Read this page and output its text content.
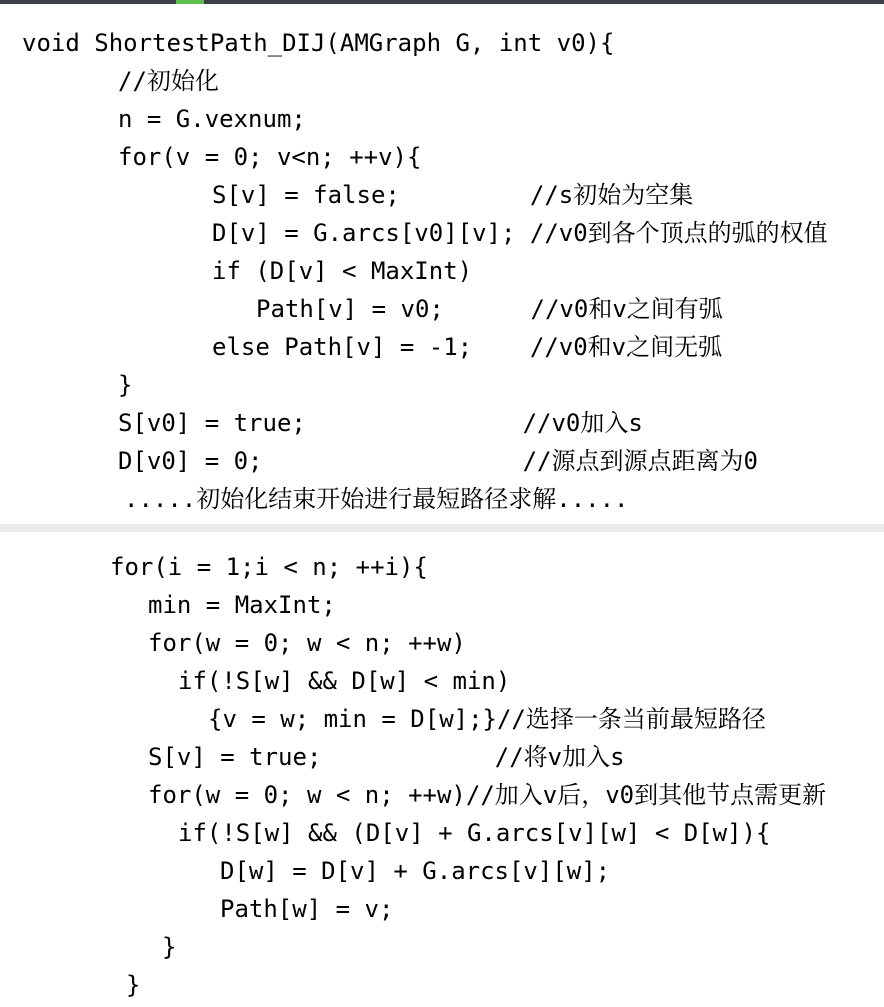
void ShortestPath_DIJ(AMGraph G, int v0){
//初始化
n = G.vexnum;
for(v = 0; v<n; ++v){
S[v] = false;         //s初始为空集
D[v] = G.arcs[v0][v]; //v0到各个顶点的弧的权值
if (D[v] < MaxInt)
Path[v] = v0;      //v0和v之间有弧
else Path[v] = -1;    //v0和v之间无弧
}
S[v0] = true;               //v0加入s
D[v0] = 0;                  //源点到源点距离为0
.....初始化结束开始进行最短路径求解.....
for(i = 1;i < n; ++i){
min = MaxInt;
for(w = 0; w < n; ++w)
if(!S[w] && D[w] < min)
{v = w; min = D[w];}//选择一条当前最短路径
S[v] = true;            //将v加入s
for(w = 0; w < n; ++w)//加入v后，v0到其他节点需更新
if(!S[w] && (D[v] + G.arcs[v][w] < D[w]){
D[w] = D[v] + G.arcs[v][w];
Path[w] = v;
}
}
